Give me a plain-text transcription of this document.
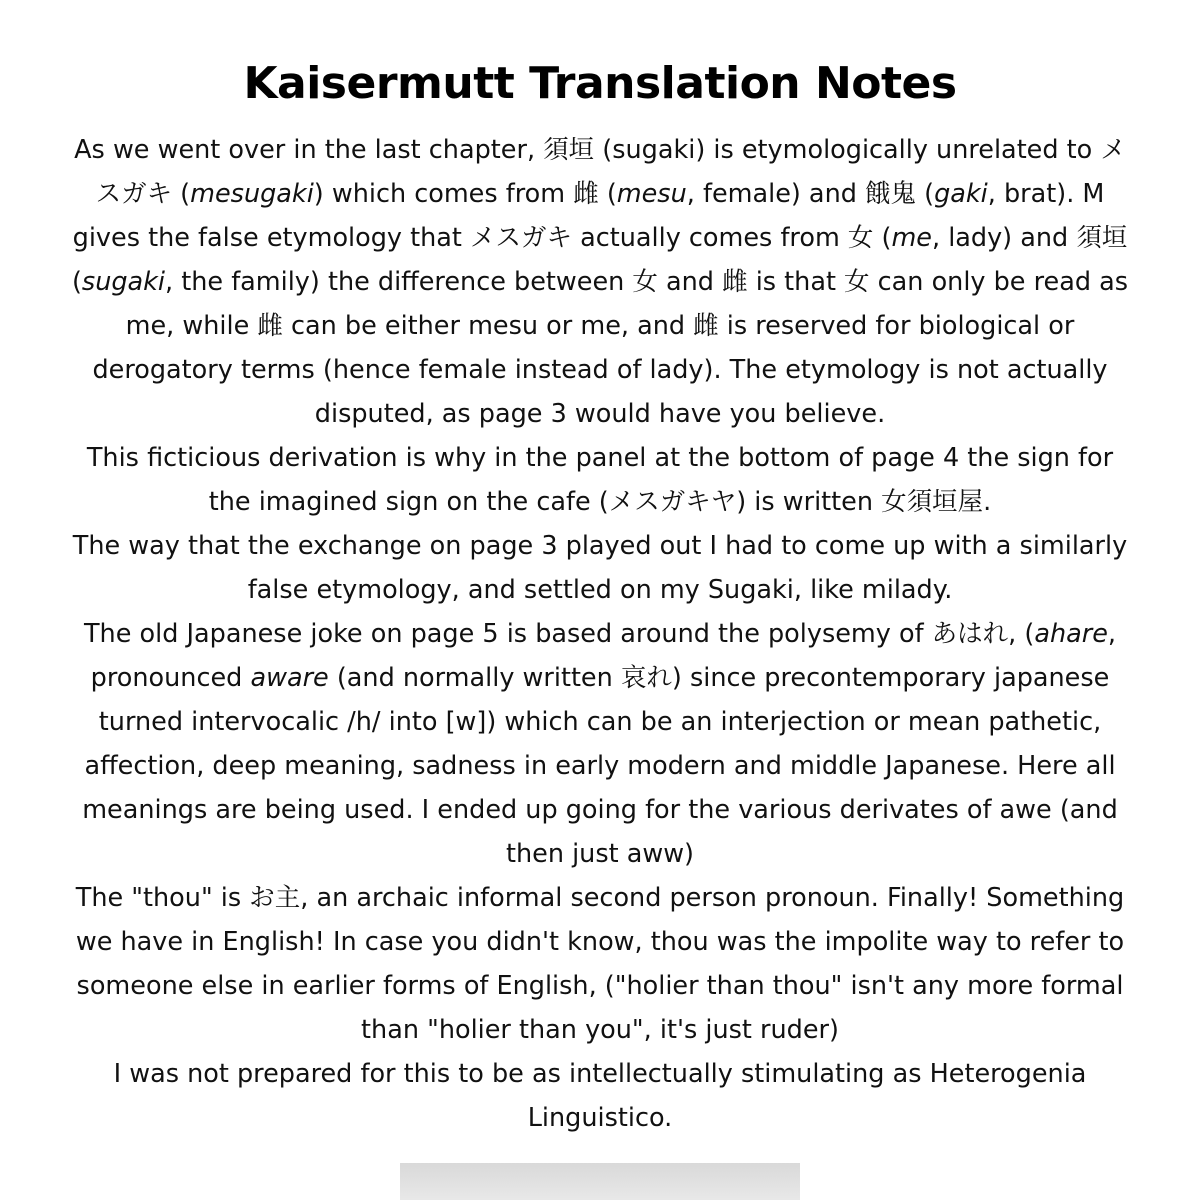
Kaisermutt Translation Notes

As we went over in the last chapter, 須垣 (sugaki) is etymologically unrelated to メスガキ (mesugaki) which comes from 雌 (mesu, female) and 餓鬼 (gaki, brat). M gives the false etymology that メスガキ actually comes from 女 (me, lady) and 須垣 (sugaki, the family) the difference between 女 and 雌 is that 女 can only be read as me, while 雌 can be either mesu or me, and 雌 is reserved for biological or derogatory terms (hence female instead of lady). The etymology is not actually disputed, as page 3 would have you believe.

This ficticious derivation is why in the panel at the bottom of page 4 the sign for the imagined sign on the cafe (メスガキヤ) is written 女須垣屋.

The way that the exchange on page 3 played out I had to come up with a similarly false etymology, and settled on my Sugaki, like milady.

The old Japanese joke on page 5 is based around the polysemy of あはれ, (ahare, pronounced aware (and normally written 哀れ) since precontemporary japanese turned intervocalic /h/ into [w]) which can be an interjection or mean pathetic, affection, deep meaning, sadness in early modern and middle Japanese. Here all meanings are being used. I ended up going for the various derivates of awe (and then just aww)

The "thou" is お主, an archaic informal second person pronoun. Finally! Something we have in English! In case you didn't know, thou was the impolite way to refer to someone else in earlier forms of English, ("holier than thou" isn't any more formal than "holier than you", it's just ruder)

I was not prepared for this to be as intellectually stimulating as Heterogenia Linguistico.
